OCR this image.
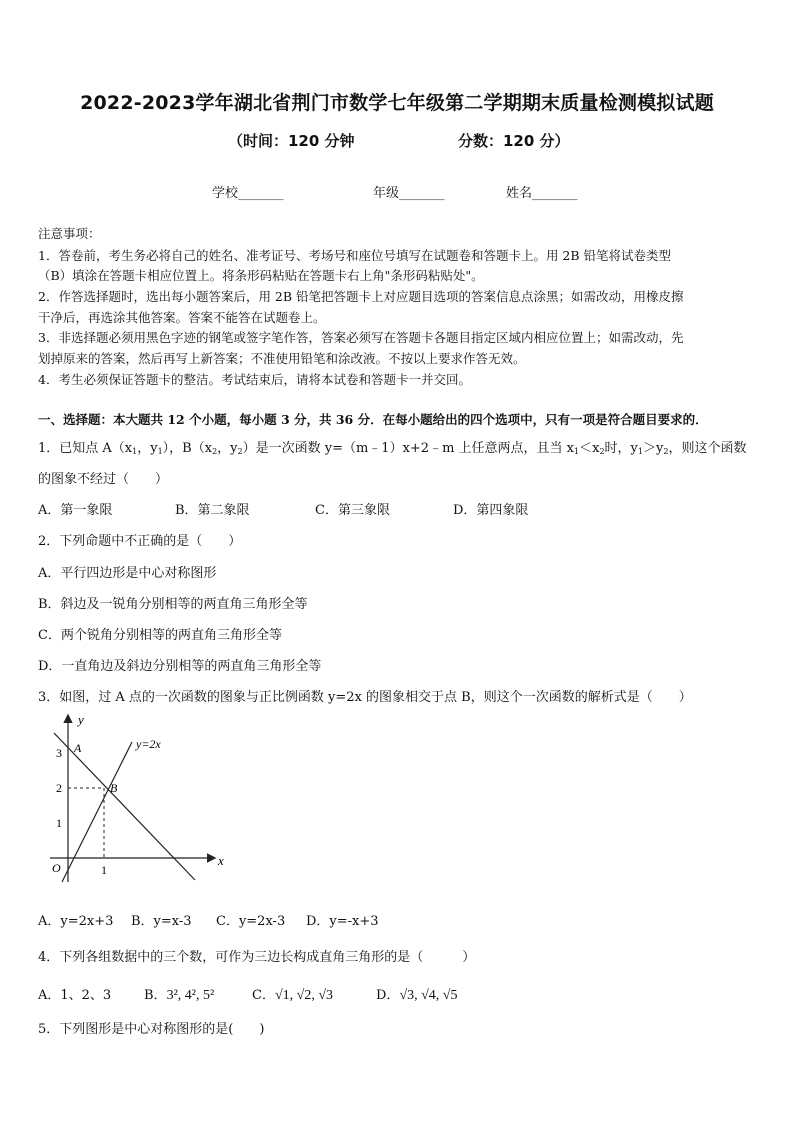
2022-2023学年湖北省荆门市数学七年级第二学期期末质量检测模拟试题
（时间：120 分钟	分数：120 分）
学校_______	年级_______	姓名_______
注意事项：
1．答卷前，考生务必将自己的姓名、准考证号、考场号和座位号填写在试题卷和答题卡上。用 2B 铅笔将试卷类型
（B）填涂在答题卡相应位置上。将条形码粘贴在答题卡右上角"条形码粘贴处"。
2．作答选择题时，选出每小题答案后，用 2B 铅笔把答题卡上对应题目选项的答案信息点涂黑；如需改动，用橡皮擦
干净后，再选涂其他答案。答案不能答在试题卷上。
3．非选择题必须用黑色字迹的钢笔或签字笔作答，答案必须写在答题卡各题目指定区域内相应位置上；如需改动，先
划掉原来的答案，然后再写上新答案；不准使用铅笔和涂改液。不按以上要求作答无效。
4．考生必须保证答题卡的整洁。考试结束后，请将本试卷和答题卡一并交回。
一、选择题：本大题共 12 个小题，每小题 3 分，共 36 分．在每小题给出的四个选项中，只有一项是符合题目要求的．
1．已知点 $A(x_1$，$y_1$），$B(x_2$，$y_2$）是一次函数 y=（m﹣1）x+2﹣m 上任意两点，且当 $x_1<x_2$时，$y_1>y_2$，则这个函数
的图象不经过（　　）
A．第一象限	B．第二象限	C．第三象限	D．第四象限
2．下列命题中不正确的是（　　）
A．平行四边形是中心对称图形
B．斜边及一锐角分别相等的两直角三角形全等
C．两个锐角分别相等的两直角三角形全等
D．一直角边及斜边分别相等的两直角三角形全等
3．如图，过 A 点的一次函数的图象与正比例函数 y=2x 的图象相交于点 B，则这个一次函数的解析式是（　　）
y
x
y=2x
A
B
O
3
2
1
1
A．y=2x+3 B．y=x-3 C．y=2x-3 D．y=-x+3
4．下列各组数据中的三个数，可作为三边长构成直角三角形的是（　　　）
A．1、2、3	B．3², 4², 5²	C．√1, √2, √3	D．√3, √4, √5
5．下列图形是中心对称图形的是(　　)
